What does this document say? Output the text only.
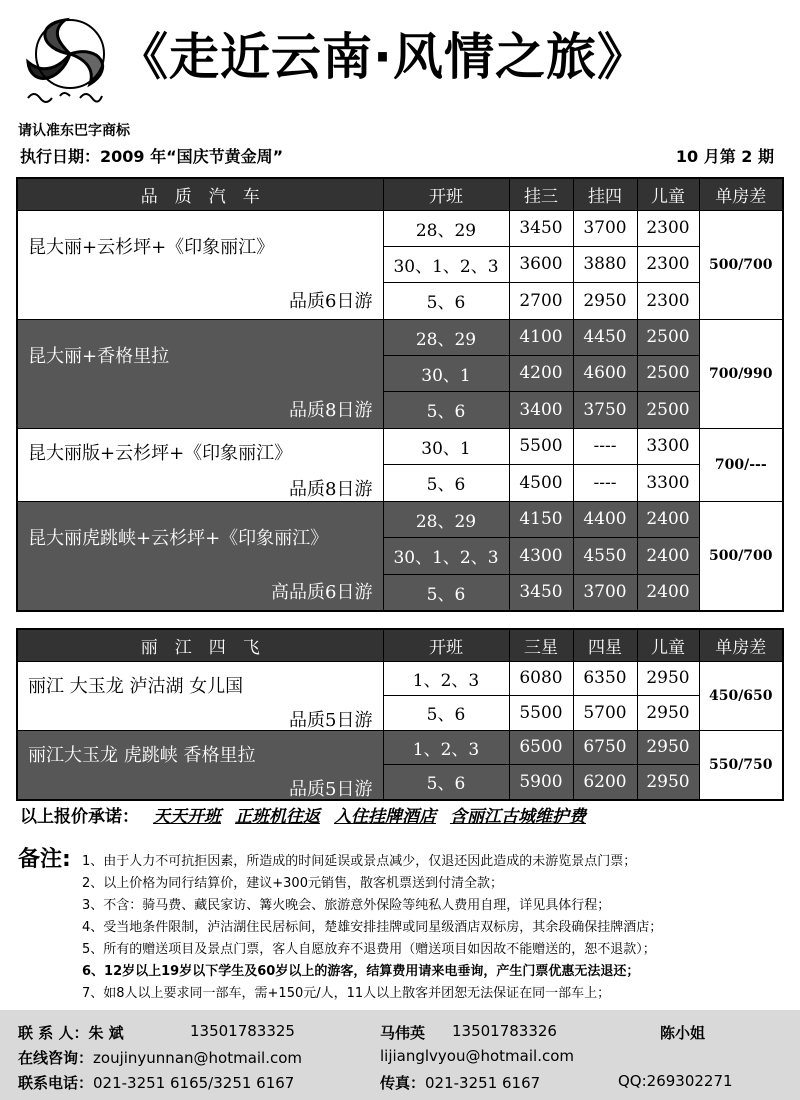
《走近云南·风情之旅》
请认准东巴字商标
执行日期：2009 年“国庆节黄金周”	10 月第 2 期
品　质　汽　车	开班	挂三	挂四	儿童	单房差

昆大丽+云杉坪+《印象丽江》
品质6日游	28、29	3450	3700	2300	500/700
	30、1、2、3	3600	3880	2300	
	5、6	2700	2950	2300	

昆大丽+香格里拉
品质8日游	28、29	4100	4450	2500	700/990
	30、1	4200	4600	2500	
	5、6	3400	3750	2500	

昆大丽版+云杉坪+《印象丽江》
品质8日游	30、1	5500	----	3300	700/---
	5、6	4500	----	3300	

昆大丽虎跳峡+云杉坪+《印象丽江》
高品质6日游	28、29	4150	4400	2400	500/700
	30、1、2、3	4300	4550	2400	
	5、6	3450	3700	2400	
丽　江　四　飞	开班	三星	四星	儿童	单房差

丽江 大玉龙 泸沽湖 女儿国
品质5日游	1、2、3	6080	6350	2950	450/650
	5、6	5500	5700	2950	

丽江大玉龙 虎跳峡 香格里拉
品质5日游	1、2、3	6500	6750	2950	550/750
	5、6	5900	6200	2950	
以上报价承诺： 天天开班 正班机往返 入住挂牌酒店 含丽江古城维护费
备注: 1、由于人力不可抗拒因素，所造成的时间延误或景点减少，仅退还因此造成的未游览景点门票；
2、以上价格为同行结算价，建议+300元销售，散客机票送到付清全款；
3、不含：骑马费、藏民家访、篝火晚会、旅游意外保险等纯私人费用自理，详见具体行程；
4、受当地条件限制，泸沽湖住民居标间，楚雄安排挂牌或同星级酒店双标房，其余段确保挂牌酒店；
5、所有的赠送项目及景点门票，客人自愿放弃不退费用（赠送项目如因故不能赠送的，恕不退款）；
6、12岁以上19岁以下学生及60岁以上的游客，结算费用请来电垂询，产生门票优惠无法退还；
7、如8人以上要求同一部车，需+150元/人，11人以上散客并团恕无法保证在同一部车上；
联 系 人：朱 斌	13501783325	马伟英 13501783326	陈小姐
在线咨询：zoujinyunnan@hotmail.com	lijianglvyou@hotmail.com
联系电话：021-3251 6165/3251 6167	传真：021-3251 6167	QQ:269302271
